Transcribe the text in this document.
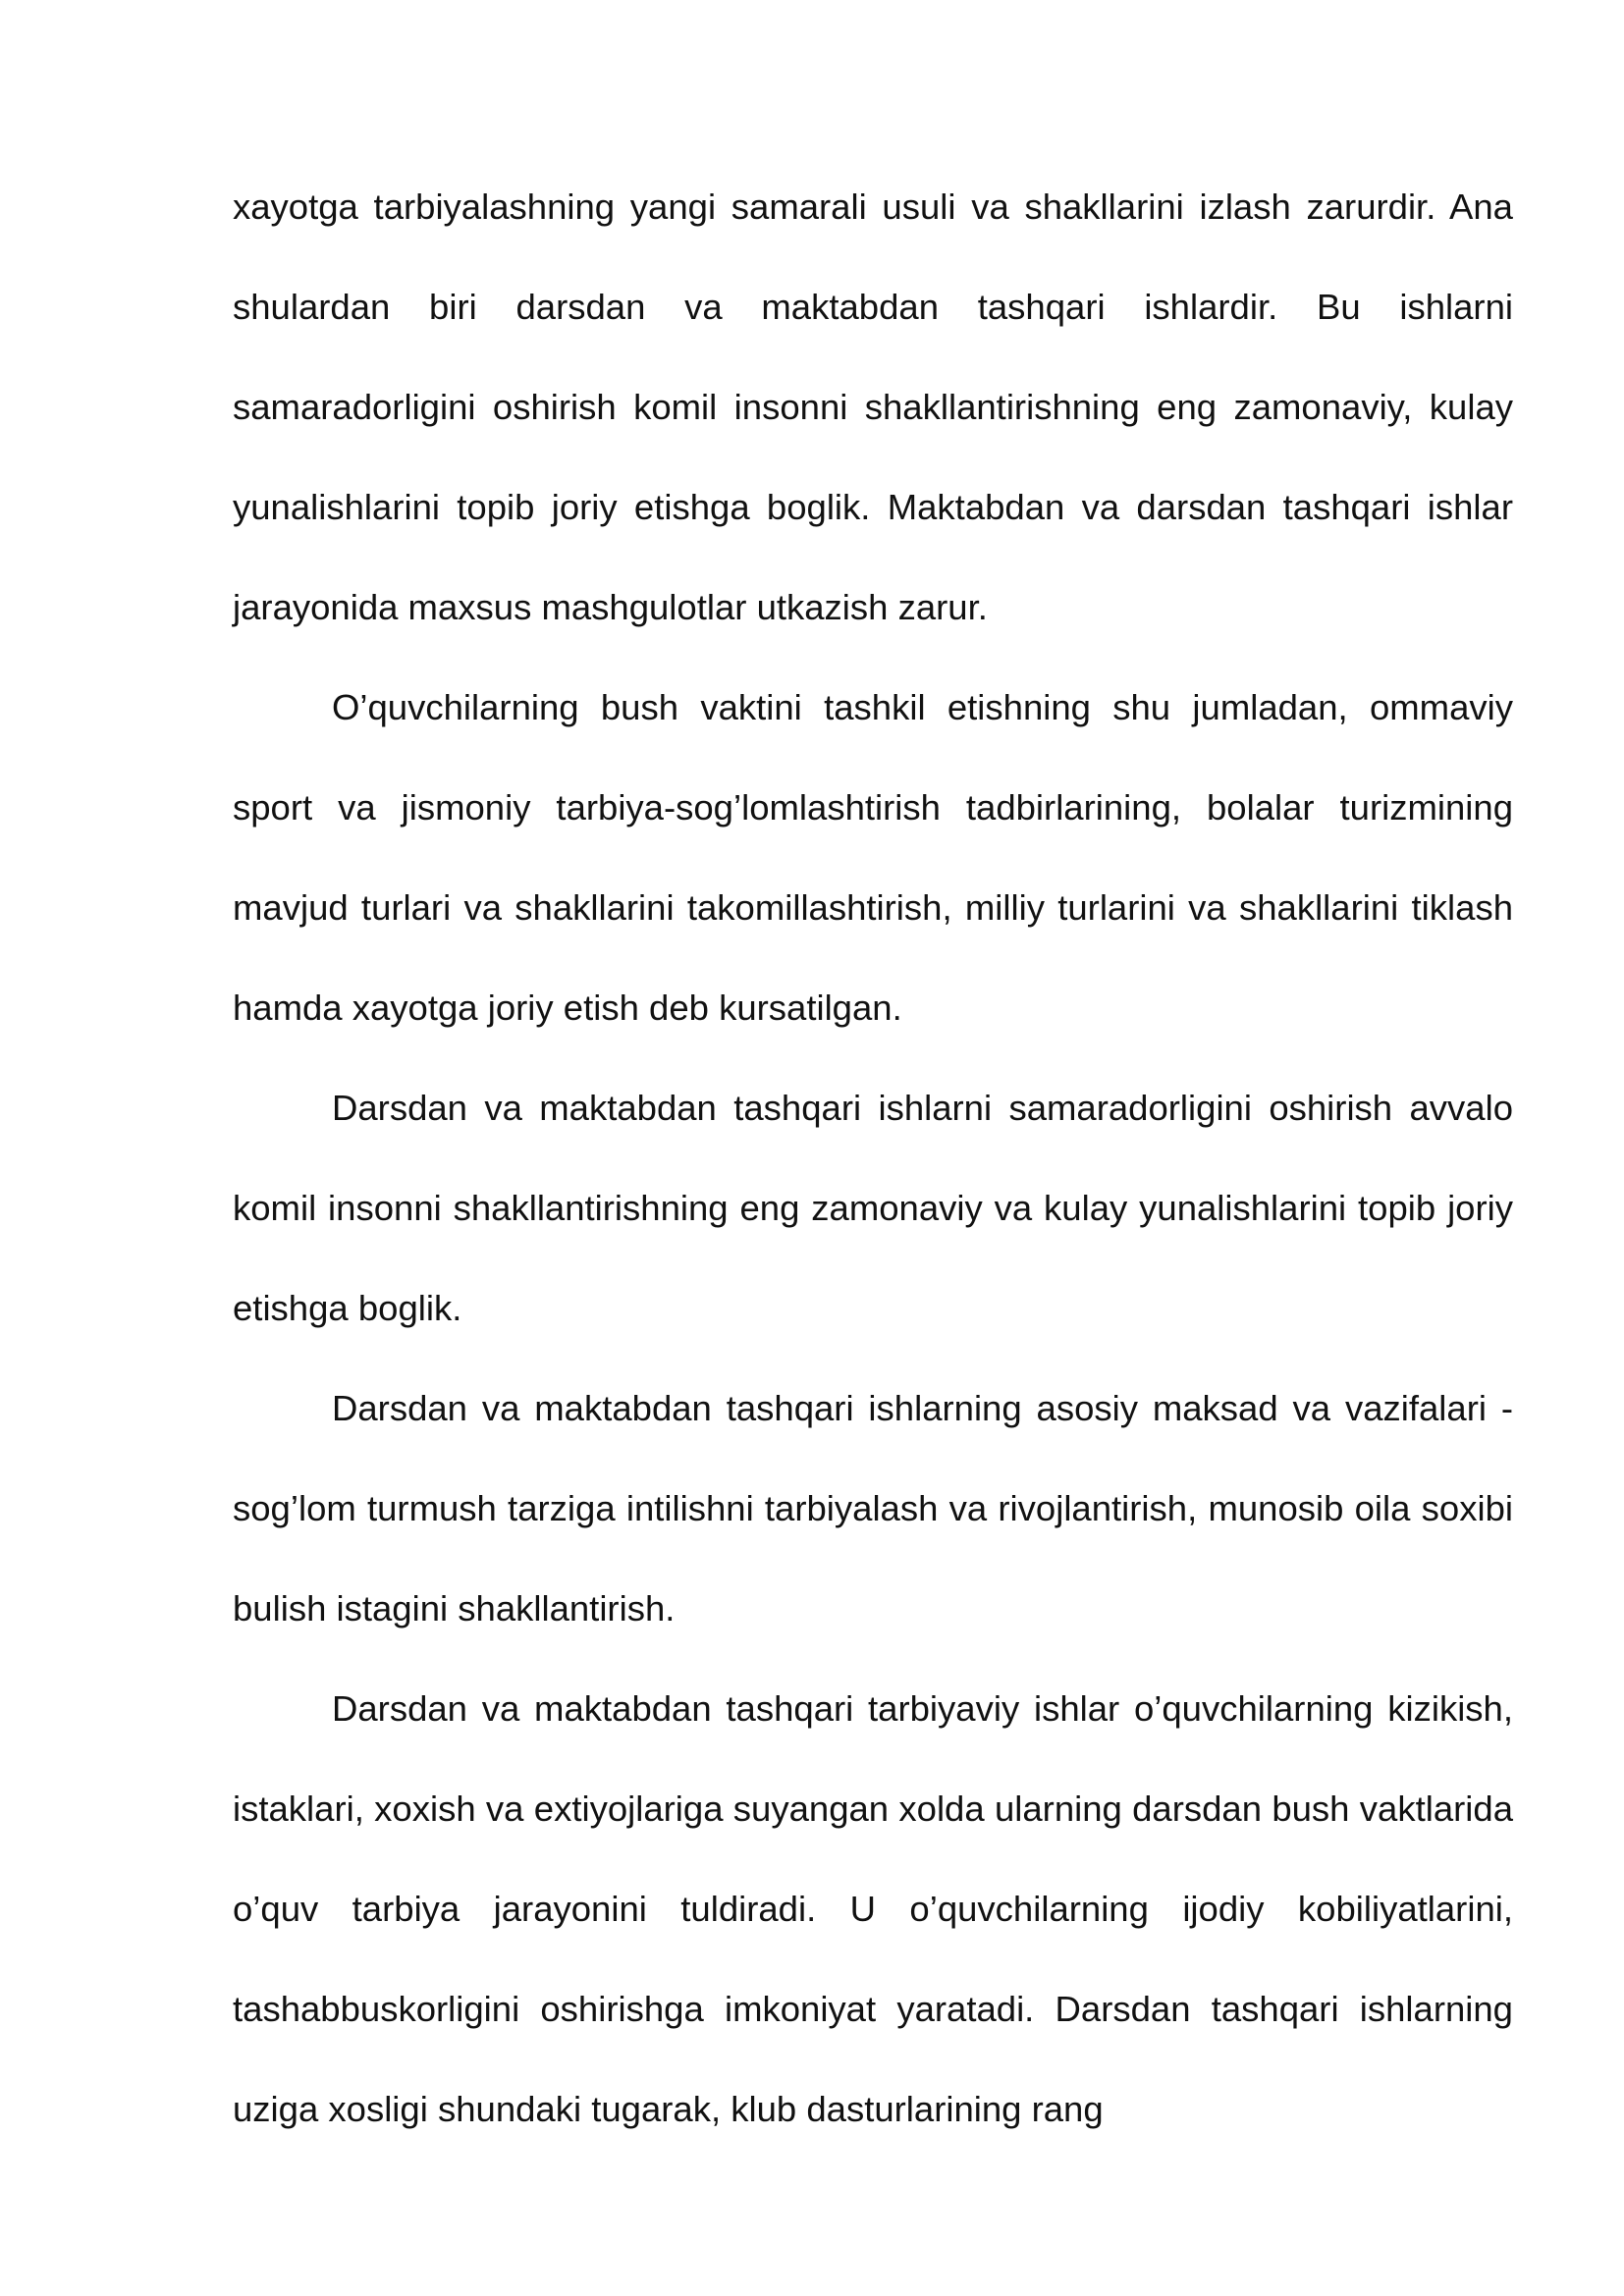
xayotga tarbiyalashning yangi samarali usuli va shakllarini izlash zarurdir. Ana shulardan biri darsdan va maktabdan tashqari ishlardir. Bu ishlarni samaradorligini oshirish komil insonni shakllantirishning eng zamonaviy, kulay yunalishlarini topib joriy etishga boglik. Maktabdan va darsdan tashqari ishlar jarayonida maxsus mashgulotlar utkazish zarur.

O’quvchilarning bush vaktini tashkil etishning shu jumladan, ommaviy sport va jismoniy tarbiya-sog’lomlashtirish tadbirlarining, bolalar turizmining mavjud turlari va shakllarini takomillashtirish, milliy turlarini va shakllarini tiklash hamda xayotga joriy etish deb kursatilgan.

Darsdan va maktabdan tashqari ishlarni samaradorligini oshirish avvalo komil insonni shakllantirishning eng zamonaviy va kulay yunalishlarini topib joriy etishga boglik.

Darsdan va maktabdan tashqari ishlarning asosiy maksad va vazifalari - sog’lom turmush tarziga intilishni tarbiyalash va rivojlantirish, munosib oila soxibi bulish istagini shakllantirish.

Darsdan va maktabdan tashqari tarbiyaviy ishlar o’quvchilarning kizikish, istaklari, xoxish va extiyojlariga suyangan xolda ularning darsdan bush vaktlarida o’quv tarbiya jarayonini tuldiradi. U o’quvchilarning ijodiy kobiliyatlarini, tashabbuskorligini oshirishga imkoniyat yaratadi. Darsdan tashqari ishlarning uziga xosligi shundaki tugarak, klub dasturlarining rang
